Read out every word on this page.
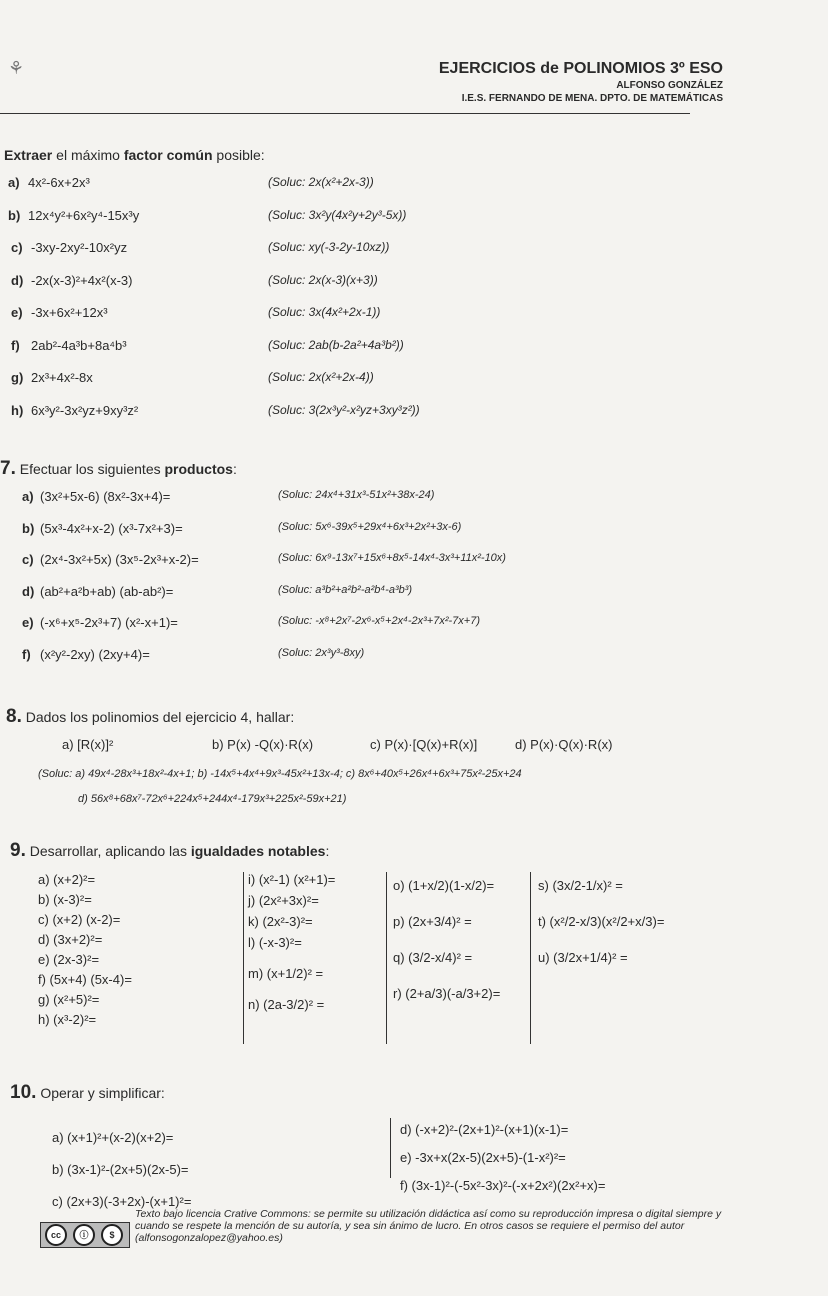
⚘	EJERCICIOS de POLINOMIOS 3º ESO
ALFONSO GONZÁLEZ
I.E.S. FERNANDO DE MENA. DPTO. DE MATEMÁTICAS
Extraer el máximo factor común posible:
a) 4x²-6x+2x³	(Soluc: 2x(x²+2x-3))
b) 12x⁴y²+6x²y⁴-15x³y	(Soluc: 3x²y(4x²y+2y³-5x))
c) -3xy-2xy²-10x²yz	(Soluc: xy(-3-2y-10xz))
d) -2x(x-3)²+4x²(x-3)	(Soluc: 2x(x-3)(x+3))
e) -3x+6x²+12x³	(Soluc: 3x(4x²+2x-1))
f) 2ab²-4a³b+8a⁴b³	(Soluc: 2ab(b-2a²+4a³b²))
g) 2x³+4x²-8x	(Soluc: 2x(x²+2x-4))
h) 6x³y²-3x²yz+9xy³z²	(Soluc: 3(2x³y²-x²yz+3xy³z²))
7. Efectuar los siguientes productos:
a) (3x²+5x-6) (8x²-3x+4)=	(Soluc: 24x⁴+31x³-51x²+38x-24)
b) (5x³-4x²+x-2) (x³-7x²+3)=	(Soluc: 5x⁶-39x⁵+29x⁴+6x³+2x²+3x-6)
c) (2x⁴-3x²+5x) (3x⁵-2x³+x-2)=	(Soluc: 6x⁹-13x⁷+15x⁶+8x⁵-14x⁴-3x³+11x²-10x)
d) (ab²+a²b+ab) (ab-ab²)=	(Soluc: a³b²+a²b²-a²b⁴-a³b³)
e) (-x⁶+x⁵-2x³+7) (x²-x+1)=	(Soluc: -x⁸+2x⁷-2x⁶-x⁵+2x⁴-2x³+7x²-7x+7)
f) (x²y²-2xy) (2xy+4)=	(Soluc: 2x³y³-8xy)
8. Dados los polinomios del ejercicio 4, hallar:
a) [R(x)]²	b) P(x) -Q(x)·R(x)	c) P(x)·[Q(x)+R(x)]	d) P(x)·Q(x)·R(x)
(Soluc: a) 49x⁴-28x³+18x²-4x+1; b) -14x⁵+4x⁴+9x³-45x²+13x-4; c) 8x⁶+40x⁵+26x⁴+6x³+75x²-25x+24
d) 56x⁸+68x⁷-72x⁶+224x⁵+244x⁴-179x³+225x²-59x+21)
9. Desarrollar, aplicando las igualdades notables:
a) (x+2)²=
b) (x-3)²=
c) (x+2) (x-2)=
d) (3x+2)²=
e) (2x-3)²=
f) (5x+4) (5x-4)=
g) (x²+5)²=
h) (x³-2)²=
i) (x²-1) (x²+1)=
j) (2x²+3x)²=
k) (2x²-3)²=
l) (-x-3)²=
m) (x+1/2)² =
n) (2a-3/2)² =
o) (1+x/2)(1-x/2)=
p) (2x+3/4)² =
q) (3/2-x/4)² =
r) (2+a/3)(-a/3+2)=
s) (3x/2-1/x)² =
t) (x²/2-x/3)(x²/2+x/3)=
u) (3/2x+1/4)² =
10. Operar y simplificar:
a) (x+1)²+(x-2)(x+2)=
b) (3x-1)²-(2x+5)(2x-5)=
c) (2x+3)(-3+2x)-(x+1)²=
d) (-x+2)²-(2x+1)²-(x+1)(x-1)=
e) -3x+x(2x-5)(2x+5)-(1-x²)²=
f) (3x-1)²-(-5x²-3x)²-(-x+2x²)(2x²+x)=
cc	ⓘ	$
Texto bajo licencia Crative Commons: se permite su utilización didáctica así como su reproducción impresa o digital siempre y cuando se respete la mención de su autoría, y sea sin ánimo de lucro. En otros casos se requiere el permiso del autor (alfonsogonzalopez@yahoo.es)
